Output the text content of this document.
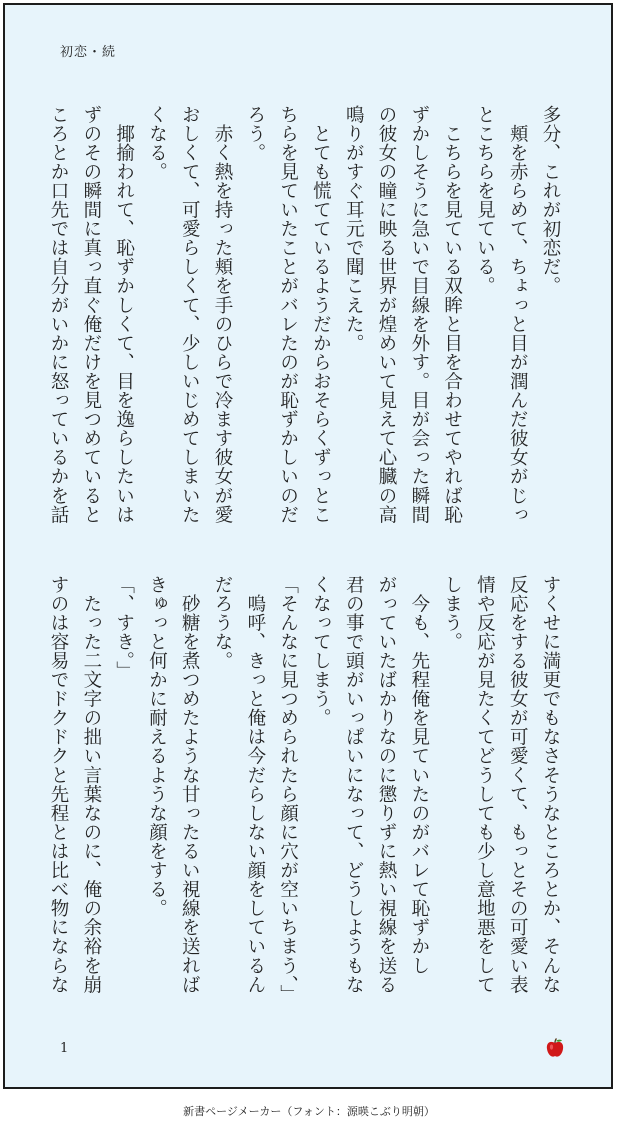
初恋・続
多分、これが初恋だ。
　頬を赤らめて、ちょっと目が潤んだ彼女がじっ
とこちらを見ている。
　こちらを見ている双眸と目を合わせてやれば恥
ずかしそうに急いで目線を外す。目が会った瞬間
の彼女の瞳に映る世界が煌めいて見えて心臓の高
鳴りがすぐ耳元で聞こえた。
　とても慌てているようだからおそらくずっとこ
ちらを見ていたことがバレたのが恥ずかしいのだ
ろう。
　赤く熱を持った頬を手のひらで冷ます彼女が愛
おしくて、可愛らしくて、少しいじめてしまいた
くなる。
　揶揄われて、恥ずかしくて、目を逸らしたいは
ずのその瞬間に真っ直ぐ俺だけを見つめていると
ころとか口先では自分がいかに怒っているかを話
すくせに満更でもなさそうなところとか、そんな
反応をする彼女が可愛くて、もっとその可愛い表
情や反応が見たくてどうしても少し意地悪をして
しまう。
　今も、先程俺を見ていたのがバレて恥ずかし
がっていたばかりなのに懲りずに熱い視線を送る
君の事で頭がいっぱいになって、どうしようもな
くなってしまう。
「そんなに見つめられたら顔に穴が空いちまう、」
　嗚呼、きっと俺は今だらしない顔をしているん
だろうな。
　砂糖を煮つめたような甘ったるい視線を送れば
きゅっと何かに耐えるような顔をする。
「、すき。」
　たった二文字の拙い言葉なのに、俺の余裕を崩
すのは容易でドクドクと先程とは比べ物にならな
1
新書ページメーカー（フォント：源暎こぶり明朝）
